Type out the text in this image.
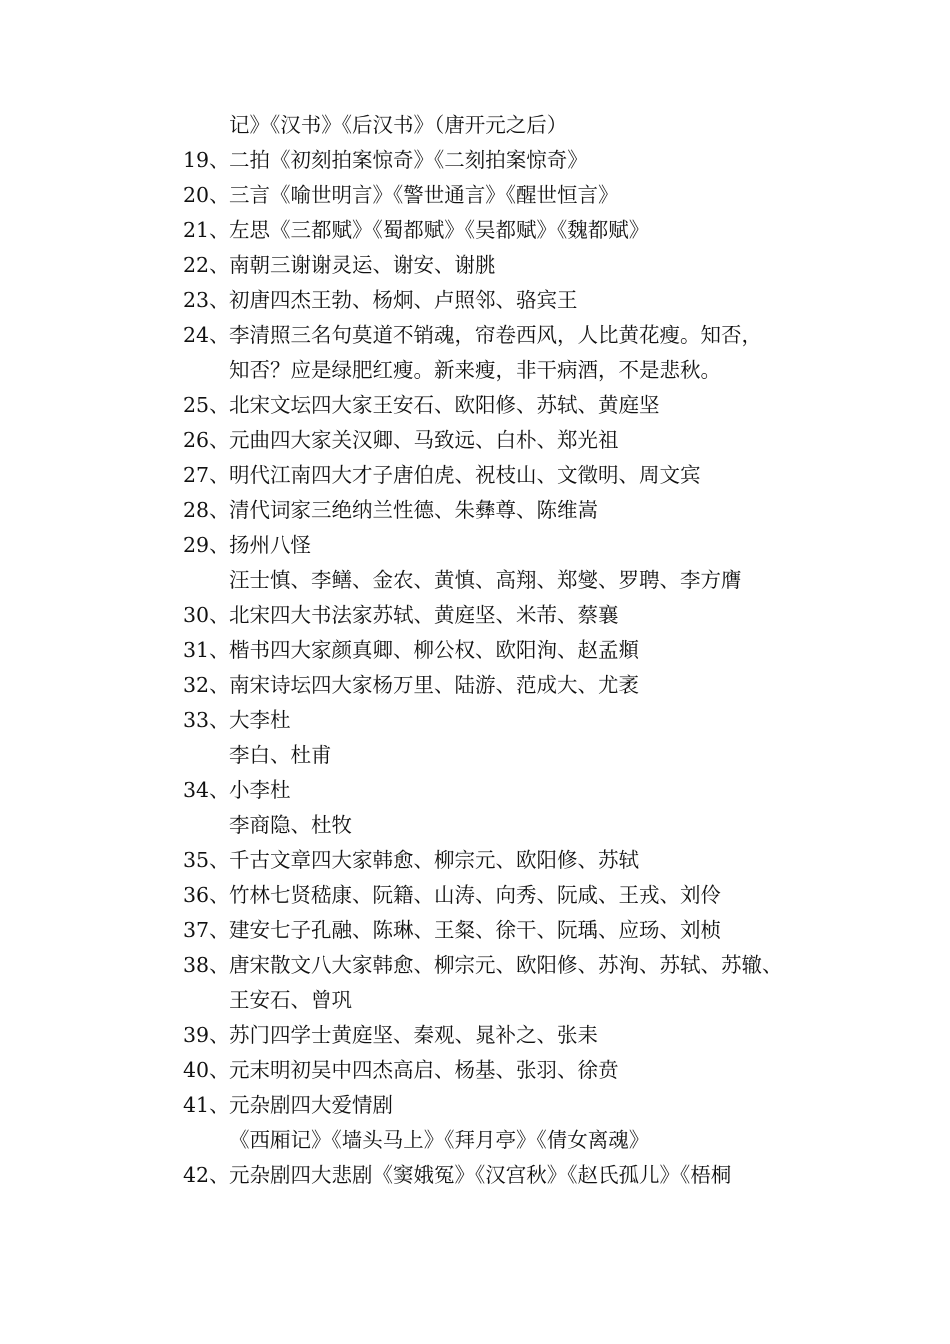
记》《汉书》《后汉书》（唐开元之后）
19、 二拍《初刻拍案惊奇》《二刻拍案惊奇》
20、 三言《喻世明言》《警世通言》《醒世恒言》
21、 左思《三都赋》《蜀都赋》《吴都赋》《魏都赋》
22、 南朝三谢谢灵运、谢安、谢朓
23、 初唐四杰王勃、杨炯、卢照邻、骆宾王
24、 李清照三名句莫道不销魂，帘卷西风，人比黄花瘦。知否，
知否？应是绿肥红瘦。新来瘦，非干病酒，不是悲秋。
25、 北宋文坛四大家王安石、欧阳修、苏轼、黄庭坚
26、 元曲四大家关汉卿、马致远、白朴、郑光祖
27、 明代江南四大才子唐伯虎、祝枝山、文徵明、周文宾
28、 清代词家三绝纳兰性德、朱彝尊、陈维嵩
29、 扬州八怪
汪士慎、李鳝、金农、黄慎、高翔、郑燮、罗聘、李方膺
30、 北宋四大书法家苏轼、黄庭坚、米芾、蔡襄
31、 楷书四大家颜真卿、柳公权、欧阳洵、赵孟頫
32、 南宋诗坛四大家杨万里、陆游、范成大、尤袤
33、 大李杜
李白、杜甫
34、 小李杜
李商隐、杜牧
35、 千古文章四大家韩愈、柳宗元、欧阳修、苏轼
36、 竹林七贤嵇康、阮籍、山涛、向秀、阮咸、王戎、刘伶
37、 建安七子孔融、陈琳、王粲、徐干、阮瑀、应玚、刘桢
38、 唐宋散文八大家韩愈、柳宗元、欧阳修、苏洵、苏轼、苏辙、
王安石、曾巩
39、 苏门四学士黄庭坚、秦观、晁补之、张耒
40、 元末明初吴中四杰高启、杨基、张羽、徐贲
41、 元杂剧四大爱情剧
《西厢记》《墙头马上》《拜月亭》《倩女离魂》
42、 元杂剧四大悲剧《窦娥冤》《汉宫秋》《赵氏孤儿》《梧桐
